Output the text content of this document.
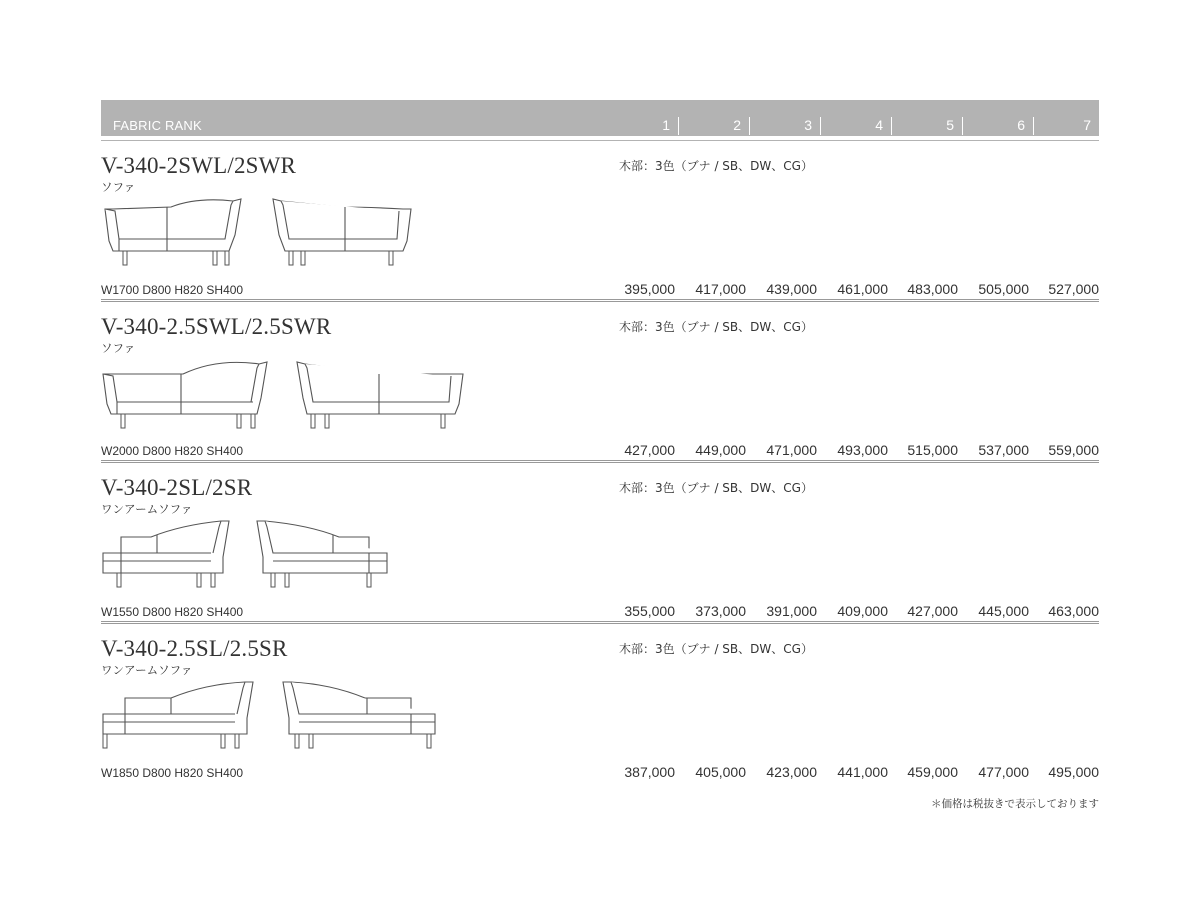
FABRIC RANK	1	2	3	4	5	6	7
V-340-2SWL/2SWR
ソファ
木部：3色（ブナ / SB、DW、CG）
W1700 D800 H820 SH400	395,000	417,000	439,000	461,000	483,000	505,000	527,000
V-340-2.5SWL/2.5SWR
ソファ
木部：3色（ブナ / SB、DW、CG）
W2000 D800 H820 SH400	427,000	449,000	471,000	493,000	515,000	537,000	559,000
V-340-2SL/2SR
ワンアームソファ
木部：3色（ブナ / SB、DW、CG）
W1550 D800 H820 SH400	355,000	373,000	391,000	409,000	427,000	445,000	463,000
V-340-2.5SL/2.5SR
ワンアームソファ
木部：3色（ブナ / SB、DW、CG）
W1850 D800 H820 SH400	387,000	405,000	423,000	441,000	459,000	477,000	495,000
＊価格は税抜きで表示しております
